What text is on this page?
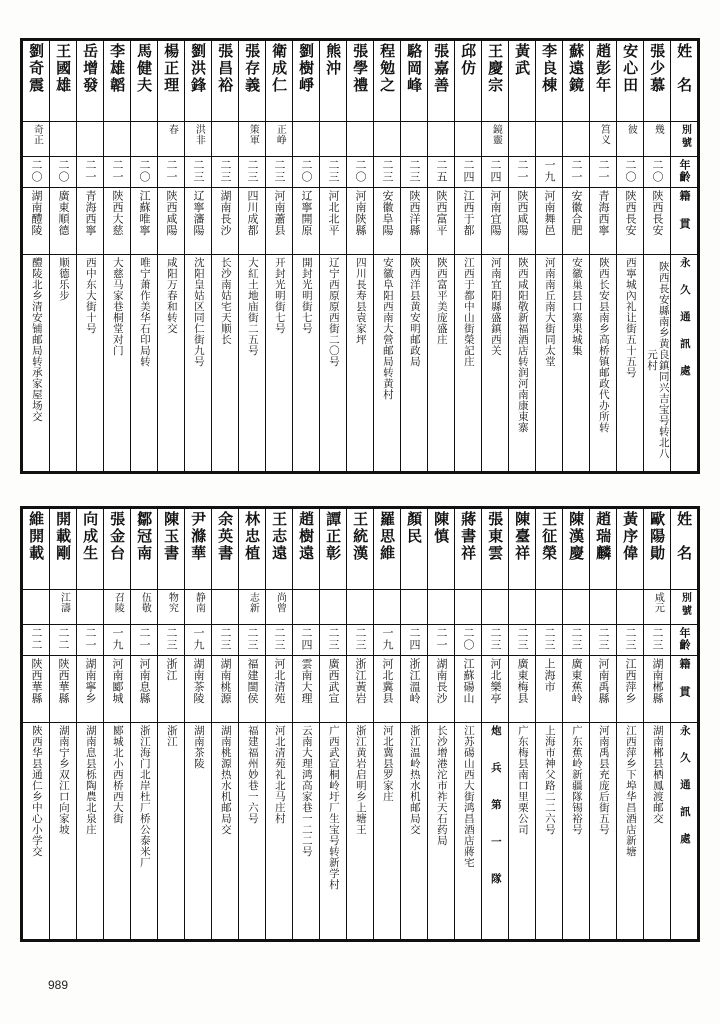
劉奇震	王國雄	岳增發	李雄韜	馬健夫	楊正理	劉洪鋒	張昌裕	張存義	衛成仁	劉樹崢	熊沖	張學禮	程勉之	駱岡峰	張嘉善	邱仿	王慶宗	黃武	李良棟	蘇遠鏡	趙彭年	安心田	張少慕	姓　名

奇正					春	洪非		策軍	正峥								鏡靈				筥义	彼	幾	別號

二〇	二〇	二一	二一	二〇	二一	二三	二三	二三	二三	二〇	二三	二〇	二三	二三	二五	二四	二四	二一	一九	二一	二一	二〇	二〇	年齡

湖南醴陵	廣東順德	青海西寧	陝西大慈	江蘇唯寧	陝西咸陽	辽寧瀋陽	湖南長沙	四川成都	河南蕭县	辽寧開原	河北北平	河南陝縣	安徽阜陽	陝西洋縣	陝西富平	江西于都	河南宜陽	陝西咸陽	河南舞邑	安徽合肥	青海西寧	陝西長安	陝西長安	籍　貫

醴陵北乡清安铺邮局转承家屋场交	顺德乐步	西中东大街十号	大慈马家巷桐堂对门	唯宁萧作美华石印局转	咸阳万春和转交	沈阳皇姑区同仁街九号	长沙南姑宅天顺长	大紅土地庙街二五号	开封光明街七号	開封光明街七号	辽宁西原原西街二〇号	四川長寿县袁家坪	安徽阜阳西南大營邮局转黄村	陝西洋县黄安明邮政局	陝西富平美庞盛庄	江西于都中山街榮記庄	河南宜阳縣盛鎮西关	陝西咸阳敬新福酒店转润河南康東寨	河南南丘南大街同太堂	安徽巢县口寨果城集	陝西长安县南乡高桥镇邮政代办所转	西寧城內礼让街五十五号	陝西長安縣南乡黄良鎮同兴吉宝号转北八元村	永　久　通　訊　處
維開載	開載剛	向成生	張金台	鄒冠南	陳玉書	尹滌華	余英書	林忠植	王志遠	趙樹遠	譚正彰	王統漢	羅思維	顏民	陳慎	蔣書祥	張東雲	陳臺祥	王征榮	陳漢慶	趙瑞麟	黃序偉	歐陽勛	姓　名

	江濤		召陵	伍敬	物究	静南		志新	尚曾														咸元	別號

二二	二二	二一	一九	二一	二三	一九	二三	二三	二三	二四	二三	二三	一九	二四	二一	二〇	二三	二三	二三	二三	二三	二三	二三	年齡

陝西華縣	陝西華縣	湖南寧乡	河南郾城	河南息縣	浙江	湖南茶陵	湖南桃源	福建閩侯	河北清苑	雲南大理	廣西武宣	浙江黃岩	河北冀县	浙江溫岭	湖南長沙	江蘇碭山	河北樂亭	廣東梅县	上海市	廣東蕉岭	河南禹縣	江西萍乡	湖南郴縣	籍　貫

陝西华县通仁乡中心小学交	湖南宁乡双江口向家坡	湖南息县栎陶農北泉庄	郾城北小西桥西大街	浙江海门北岸杜厂桥公泰米厂	浙江	湖南茶陵	湖南桃源热水机邮局交	福建福州妙巷一六号	河北清苑礼北马庄村	云南大理鸿高家巷一二二号	广西武宣桐岭圩厂生宝号转新学村	浙江黄岩启明乡上塘王	河北冀县罗家庄	浙江温岭热水机邮局交	长沙增港沱市祚天石药局	江苏碭山西大街鸿昌酒店蔣宅	炮　兵　第　一　隊	广东梅县南口里栗公司	上海市神父路二二六号	广东蕉岭新疆隊锡裕号	河南禹县充庞后街五号	江西萍乡下埠华昌酒店新塘	湖南郴县栖鳳渡邮交	永　久　通　訊　處
989
